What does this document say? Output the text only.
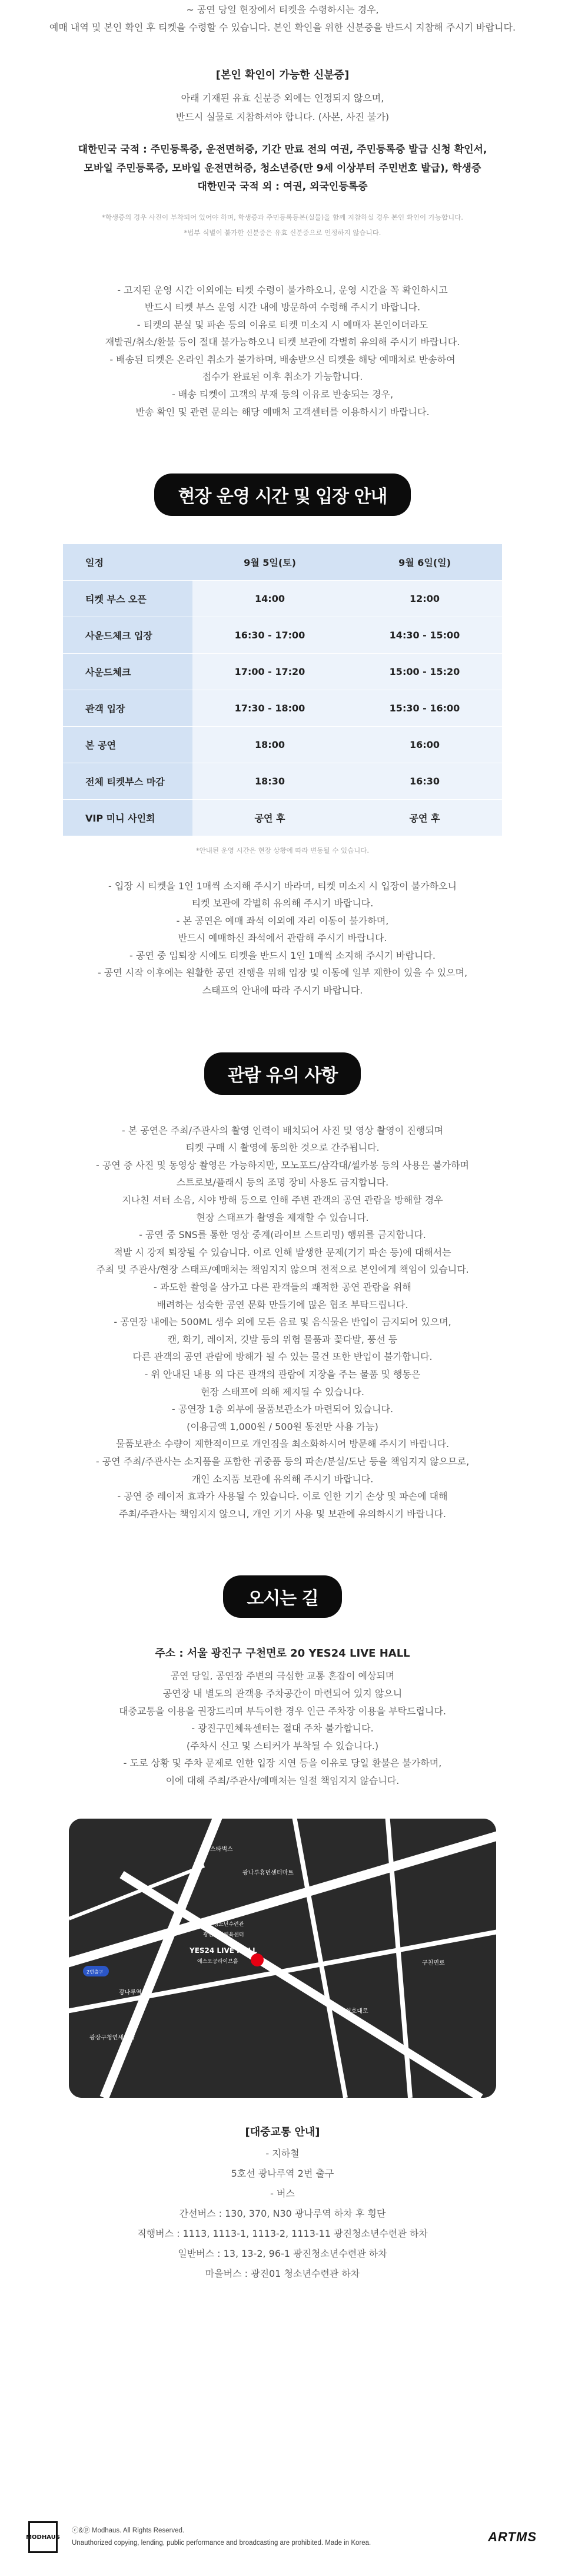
~ 공연 당일 현장에서 티켓을 수령하시는 경우,

예매 내역 및 본인 확인 후 티켓을 수령할 수 있습니다. 본인 확인을 위한 신분증을 반드시 지참해 주시기 바랍니다.

[본인 확인이 가능한 신분증]

아래 기재된 유효 신분증 외에는 인정되지 않으며,

반드시 실물로 지참하셔야 합니다. (사본, 사진 불가)

대한민국 국적 : 주민등록증, 운전면허증, 기간 만료 전의 여권, 주민등록증 발급 신청 확인서,

모바일 주민등록증, 모바일 운전면허증, 청소년증(만 9세 이상부터 주민번호 발급), 학생증

대한민국 국적 외 : 여권, 외국인등록증

*학생증의 경우 사진이 부착되어 있어야 하며, 학생증과 주민등록등본(실물)을 함께 지참하실 경우 본인 확인이 가능합니다.

*법부 식별이 불가한 신분증은 유효 신분증으로 인정하지 않습니다.

- 고지된 운영 시간 이외에는 티켓 수령이 불가하오니, 운영 시간을 꼭 확인하시고

반드시 티켓 부스 운영 시간 내에 방문하여 수령해 주시기 바랍니다.

- 티켓의 분실 및 파손 등의 이유로 티켓 미소지 시 예매자 본인이더라도

재발권/취소/환불 등이 절대 불가능하오니 티켓 보관에 각별히 유의해 주시기 바랍니다.

- 배송된 티켓은 온라인 취소가 불가하며, 배송받으신 티켓을 해당 예매처로 반송하여

접수가 완료된 이후 취소가 가능합니다.

- 배송 티켓이 고객의 부재 등의 이유로 반송되는 경우,

반송 확인 및 관련 문의는 해당 예매처 고객센터를 이용하시기 바랍니다.

현장 운영 시간 및 입장 안내
일정	9월 5일(토)	9월 6일(일)
티켓 부스 오픈	14:00	12:00
사운드체크 입장	16:30 - 17:00	14:30 - 15:00
사운드체크	17:00 - 17:20	15:00 - 15:20
관객 입장	17:30 - 18:00	15:30 - 16:00
본 공연	18:00	16:00
전체 티켓부스 마감	18:30	16:30
VIP 미니 사인회	공연 후	공연 후

*안내된 운영 시간은 현장 상황에 따라 변동될 수 있습니다.

- 입장 시 티켓을 1인 1매씩 소지해 주시기 바라며, 티켓 미소지 시 입장이 불가하오니

티켓 보관에 각별히 유의해 주시기 바랍니다.

- 본 공연은 예매 좌석 이외에 자리 이동이 불가하며,

반드시 예매하신 좌석에서 관람해 주시기 바랍니다.

- 공연 중 입퇴장 시에도 티켓을 반드시 1인 1매씩 소지해 주시기 바랍니다.

- 공연 시작 이후에는 원활한 공연 진행을 위해 입장 및 이동에 일부 제한이 있을 수 있으며,

스태프의 안내에 따라 주시기 바랍니다.

관람 유의 사항

- 본 공연은 주최/주관사의 촬영 인력이 배치되어 사진 및 영상 촬영이 진행되며

티켓 구매 시 촬영에 동의한 것으로 간주됩니다.

- 공연 중 사진 및 동영상 촬영은 가능하지만, 모노포드/삼각대/셀카봉 등의 사용은 불가하며

스트로보/플래시 등의 조명 장비 사용도 금지합니다.

지나친 셔터 소음, 시야 방해 등으로 인해 주변 관객의 공연 관람을 방해할 경우

현장 스태프가 촬영을 제재할 수 있습니다.

- 공연 중 SNS를 통한 영상 중계(라이브 스트리밍) 행위를 금지합니다.

적발 시 강제 퇴장될 수 있습니다. 이로 인해 발생한 문제(기기 파손 등)에 대해서는

주최 및 주관사/현장 스태프/예매처는 책임지지 않으며 전적으로 본인에게 책임이 있습니다.

- 과도한 촬영을 삼가고 다른 관객들의 쾌적한 공연 관람을 위해

배려하는 성숙한 공연 문화 만들기에 많은 협조 부탁드립니다.

- 공연장 내에는 500ML 생수 외에 모든 음료 및 음식물은 반입이 금지되어 있으며,

캔, 화기, 레이저, 깃발 등의 위험 물품과 꽃다발, 풍선 등

다른 관객의 공연 관람에 방해가 될 수 있는 물건 또한 반입이 불가합니다.

- 위 안내된 내용 외 다른 관객의 관람에 지장을 주는 물품 및 행동은

현장 스태프에 의해 제지될 수 있습니다.

- 공연장 1층 외부에 물품보관소가 마련되어 있습니다.

(이용금액 1,000원 / 500원 동전만 사용 가능)

물품보관소 수량이 제한적이므로 개인짐을 최소화하시어 방문해 주시기 바랍니다.

- 공연 주최/주관사는 소지품을 포함한 귀중품 등의 파손/분실/도난 등을 책임지지 않으므로,

개인 소지품 보관에 유의해 주시기 바랍니다.

- 공연 중 레이저 효과가 사용될 수 있습니다. 이로 인한 기기 손상 및 파손에 대해

주최/주관사는 책임지지 않으니, 개인 기기 사용 및 보관에 유의하시기 바랍니다.

오시는 길
주소 : 서울 광진구 구천면로 20 YES24 LIVE HALL

공연 당일, 공연장 주변의 극심한 교통 혼잡이 예상되며

공연장 내 별도의 관객용 주차공간이 마련되어 있지 않으니

대중교통을 이용을 권장드리며 부득이한 경우 인근 주차장 이용을 부탁드립니다.

- 광진구민체육센터는 절대 주차 불가합니다.

(주차시 신고 및 스티커가 부착될 수 있습니다.)

- 도로 상황 및 주차 문제로 인한 입장 지연 등을 이유로 당일 환불은 불가하며,

이에 대해 주최/주관사/예매처는 일절 책임지지 않습니다.

스타벅스
광나루휴먼센터마트
광진청소년수련관
광진구민체육센터
YES24 LIVE HALL
에스오공라이브홀
2번출구
광나루역
광장구청연세외과
구천면로
천호대로
[대중교통 안내]

- 지하철

5호선 광나루역 2번 출구

- 버스

간선버스 : 130, 370, N30 광나루역 하차 후 횡단

직행버스 : 1113, 1113-1, 1113-2, 1113-11 광진청소년수련관 하차

일반버스 : 13, 13-2, 96-1 광진청소년수련관 하차

마을버스 : 광진01 청소년수련관 하차

MODHAUS

ⓒ&ⓟ Modhaus. All Rights Reserved.

Unauthorized copying, lending, public performance and broadcasting are prohibited. Made in Korea.	ARTMS
